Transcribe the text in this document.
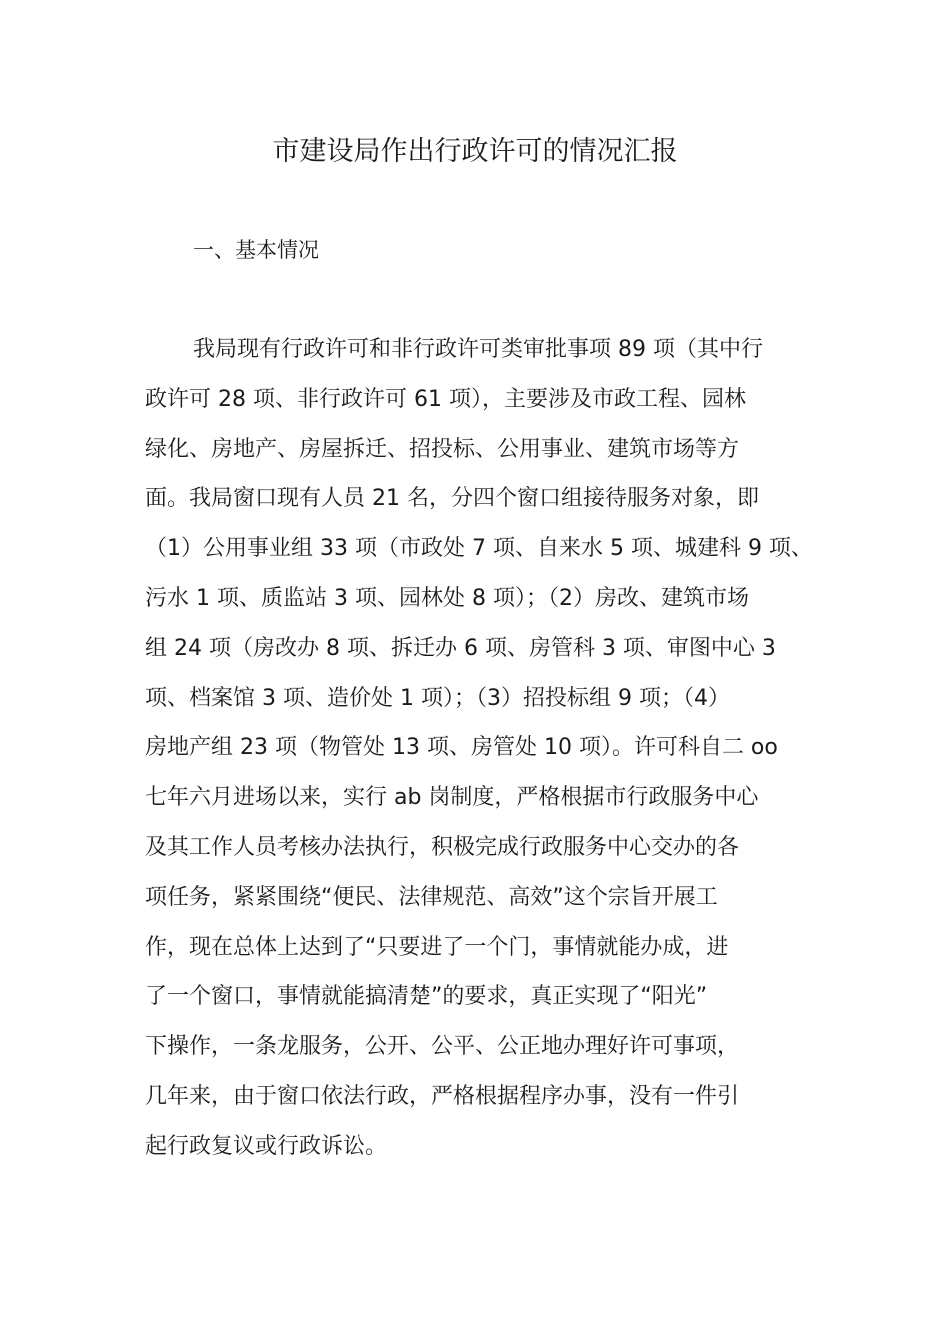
市建设局作出行政许可的情况汇报
一、基本情况
我局现有行政许可和非行政许可类审批事项 89 项（其中行
政许可 28 项、非行政许可 61 项），主要涉及市政工程、园林
绿化、房地产、房屋拆迁、招投标、公用事业、建筑市场等方
面。我局窗口现有人员 21 名，分四个窗口组接待服务对象，即
（1）公用事业组 33 项（市政处 7 项、自来水 5 项、城建科 9 项、
污水 1 项、质监站 3 项、园林处 8 项）；（2）房改、建筑市场
组 24 项（房改办 8 项、拆迁办 6 项、房管科 3 项、审图中心 3
项、档案馆 3 项、造价处 1 项）；（3）招投标组 9 项；（4）
房地产组 23 项（物管处 13 项、房管处 10 项）。许可科自二 oo
七年六月进场以来，实行 ab 岗制度，严格根据市行政服务中心
及其工作人员考核办法执行，积极完成行政服务中心交办的各
项任务，紧紧围绕“便民、法律规范、高效”这个宗旨开展工
作，现在总体上达到了“只要进了一个门，事情就能办成，进
了一个窗口，事情就能搞清楚”的要求，真正实现了“阳光”
下操作，一条龙服务，公开、公平、公正地办理好许可事项，
几年来，由于窗口依法行政，严格根据程序办事，没有一件引
起行政复议或行政诉讼。
